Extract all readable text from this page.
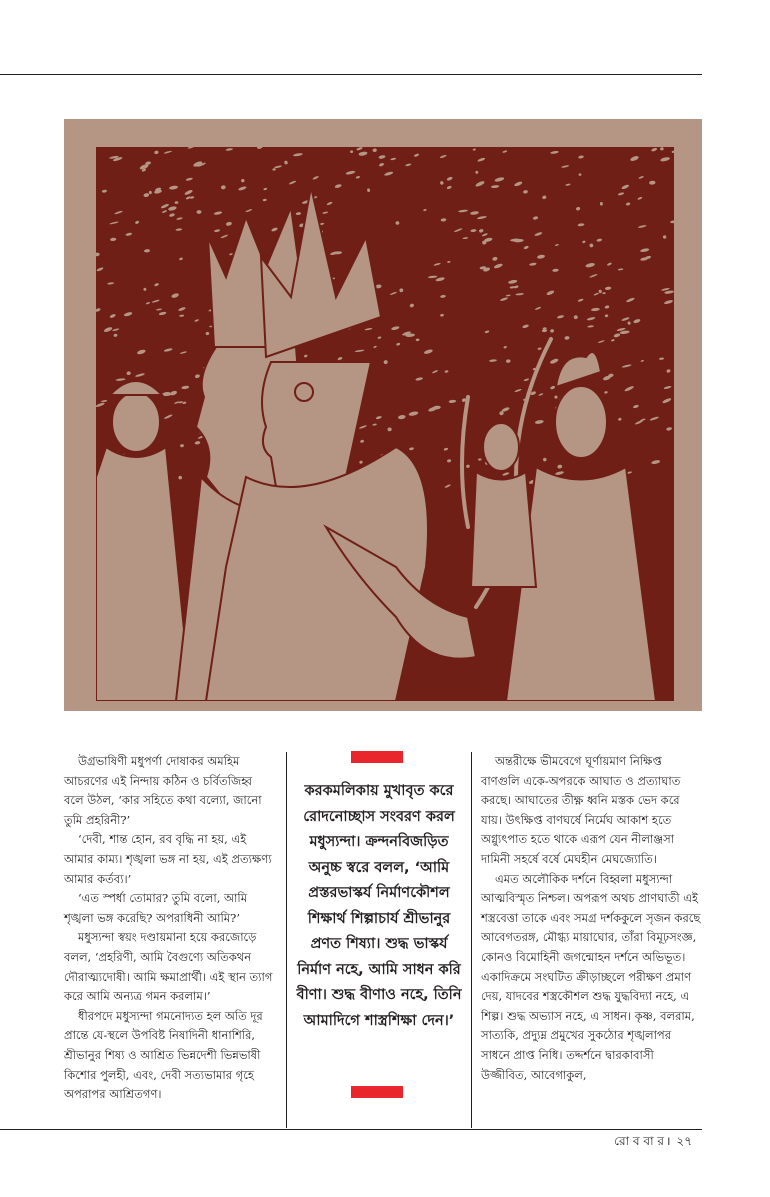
উগ্রভাষিণী মধুপর্ণা দোষাকর অমহিম আচরণের এই নিন্দায় কঠিন ও চর্বিতজিহ্ব বলে উঠল, ‘কার সহিতে কথা বল্যো, জানো তুমি প্রহরিনী?’

‘দেবী, শান্ত হোন, রব বৃদ্ধি না হয়, এই আমার কাম্য। শৃঙ্খলা ভঙ্গ না হয়, এই প্রত্যক্ষণ্য আমার কর্তব্য।’

‘এত স্পর্ধা তোমার? তুমি বলো, আমি শৃঙ্খলা ভঙ্গ করেছি? অপরাধিনী আমি?’

মধুস্যন্দা স্বয়ং দণ্ডায়মানা হয়ে করজোড়ে বলল, ‘প্রহরিণী, আমি বৈগুণ্যে অতিকথন দৌরাত্ম্যদোষী। আমি ক্ষমাপ্রার্থী। এই স্থান ত্যাগ করে আমি অন্যত্র গমন করলাম।’

ধীরপদে মধুস্যন্দা গমনোদ্যত হল অতি দূর প্রান্তে যে-স্থলে উপবিষ্ট নিষাদিনী ধানাশিরি, শ্রীভানুর শিষ্য ও আশ্রিত ভিন্নদেশী ভিন্নভাষী কিশোর পুলহী, এবং, দেবী সত্যভামার গৃহে অপরাপর আশ্রিতগণ।

করকমলিকায় মুখাবৃত করে রোদনোচ্ছাস সংবরণ করল মধুস্যন্দা। ক্রন্দনবিজড়িত অনুচ্চ স্বরে বলল, ‘আমি প্রস্তরভাস্কর্য নির্মাণকৌশল শিক্ষার্থ শিল্পাচার্য শ্রীভানুর প্রণত শিষ্যা। শুদ্ধ ভাস্কর্য নির্মাণ নহে, আমি সাধন করি বীণা। শুদ্ধ বীণাও নহে, তিনি আমাদিগে শাস্ত্রশিক্ষা দেন।’

অন্তরীক্ষে ভীমবেগে ঘূর্ণায়মাণ নিক্ষিপ্ত বাণগুলি একে-অপরকে আঘাত ও প্রত্যাঘাত করছে। আঘাতের তীক্ষ্ণ ধ্বনি মস্তক ভেদ করে যায়। উৎক্ষিপ্ত বাণঘর্ষে নির্মেঘ আকাশ হতে অগ্ন্যুৎপাত হতে থাকে এরূপ যেন নীলাঞ্জসা দামিনী সহর্ষে বর্ষে মেঘহীন মেঘজ্যোতি।

এমত অলৌকিক দর্শনে বিহ্বলা মধুস্যন্দা আত্মবিস্মৃত নিশ্চল। অপরূপ অথচ প্রাণঘাতী এই শস্ত্রবেত্তা তাকে এবং সমগ্র দর্শককুলে সৃজন করছে আবেগতরঙ্গ, মৌগ্ধ্য মায়াঘোর, তাঁরা বিমূঢ়সংজ্ঞ, কোনও বিমোহিনী জগন্মোহন দর্শনে অভিভূত। একাদিক্রমে সংঘটিত ক্রীড়াচ্ছলে পরীক্ষণ প্রমাণ দেয়, যাদবের শস্ত্রকৌশল শুদ্ধ যুদ্ধবিদ্যা নহে, এ শিল্প। শুদ্ধ অভ্যাস নহে, এ সাধন। কৃষ্ণ, বলরাম, সাত্যকি, প্রদ্যুম্ন প্রমুখের সুকঠোর শৃঙ্খলাপর সাধনে প্রাপ্ত নিধি। তদ্দর্শনে দ্বারকাবাসী উজ্জীবিত, আবেগাকুল,

রো ব বা র । ২৭
